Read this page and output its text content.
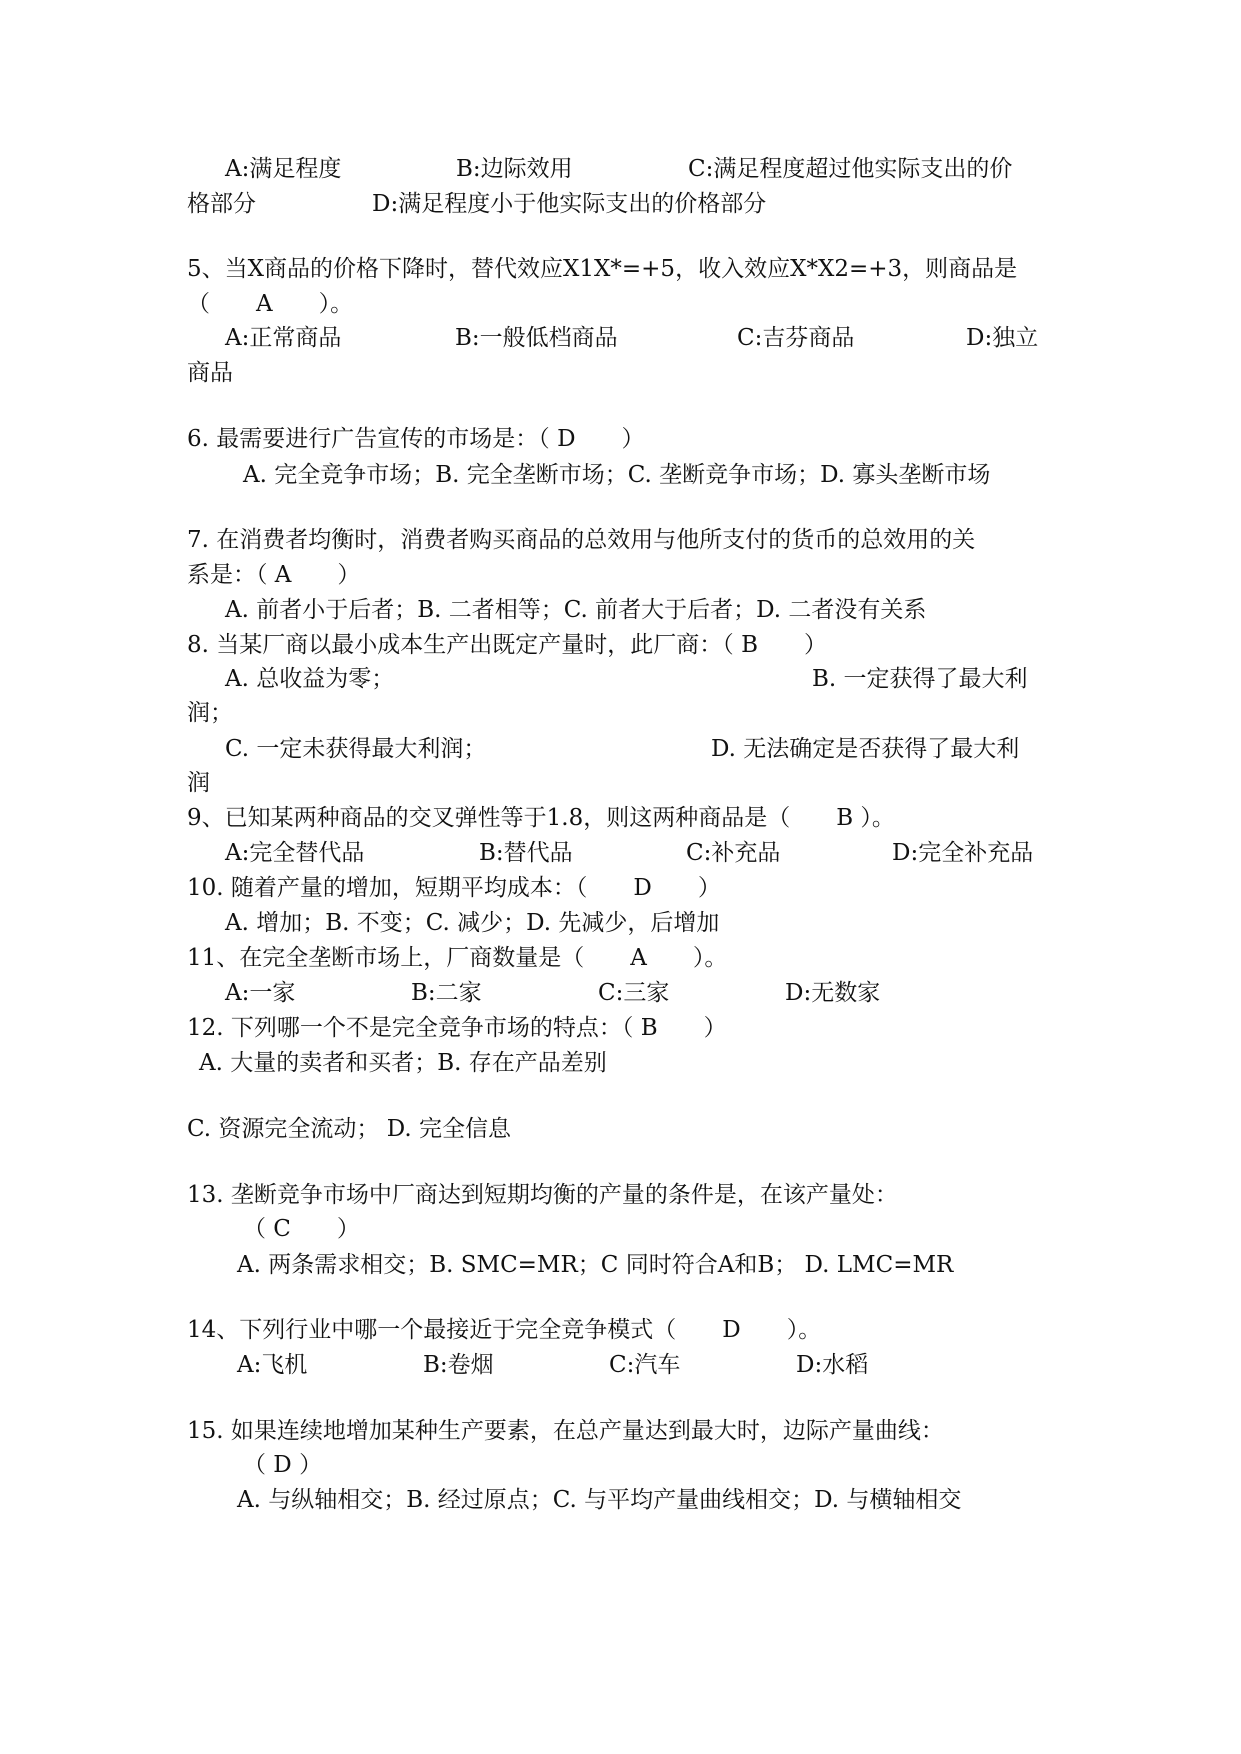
A:满足程度	B:边际效用	C:满足程度超过他实际支出的价
格部分	D:满足程度小于他实际支出的价格部分
5、当X商品的价格下降时，替代效应X1X*=+5，收入效应X*X2=+3，则商品是
（　　A　　）。
A:正常商品	B:一般低档商品	C:吉芬商品	D:独立
商品
6. 最需要进行广告宣传的市场是：（ D　　）
A. 完全竞争市场；B. 完全垄断市场；C. 垄断竞争市场；D. 寡头垄断市场
7. 在消费者均衡时，消费者购买商品的总效用与他所支付的货币的总效用的关
系是：（ A　　）
A. 前者小于后者；B. 二者相等；C. 前者大于后者；D. 二者没有关系
8. 当某厂商以最小成本生产出既定产量时，此厂商：（ B　　）
A. 总收益为零；	B. 一定获得了最大利
润；
C. 一定未获得最大利润；	D. 无法确定是否获得了最大利
润
9、已知某两种商品的交叉弹性等于1.8，则这两种商品是（　　B ）。
A:完全替代品	B:替代品	C:补充品	D:完全补充品
10. 随着产量的增加，短期平均成本：（　　D　　）
A. 增加；B. 不变；C. 减少；D. 先减少，后增加
11、在完全垄断市场上，厂商数量是（　　A　　）。
A:一家	B:二家	C:三家	D:无数家
12. 下列哪一个不是完全竞争市场的特点：（ B　　）
A. 大量的卖者和买者；B. 存在产品差别
C. 资源完全流动； D. 完全信息
13. 垄断竞争市场中厂商达到短期均衡的产量的条件是，在该产量处：
（ C　　）
A. 两条需求相交；B. SMC=MR；C 同时符合A和B； D. LMC=MR
14、下列行业中哪一个最接近于完全竞争模式（　　D　　）。
A:飞机	B:卷烟	C:汽车	D:水稻
15. 如果连续地增加某种生产要素，在总产量达到最大时，边际产量曲线：
（ D ）
A. 与纵轴相交；B. 经过原点；C. 与平均产量曲线相交；D. 与横轴相交
